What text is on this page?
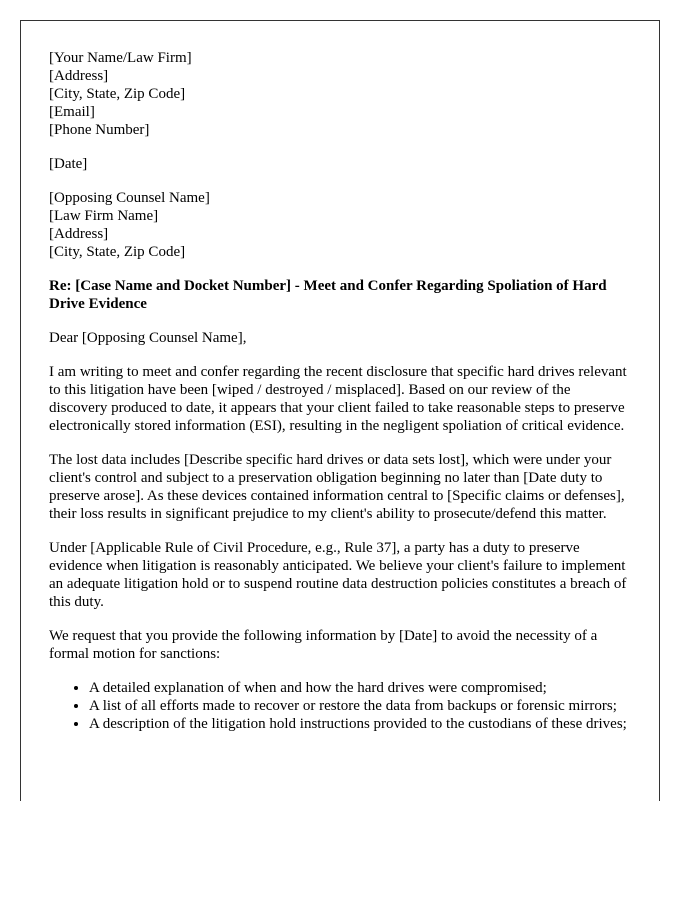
[Your Name/Law Firm]
[Address]
[City, State, Zip Code]
[Email]
[Phone Number]

[Date]

[Opposing Counsel Name]
[Law Firm Name]
[Address]
[City, State, Zip Code]

Re: [Case Name and Docket Number] - Meet and Confer Regarding Spoliation of Hard Drive Evidence

Dear [Opposing Counsel Name],

I am writing to meet and confer regarding the recent disclosure that specific hard drives relevant to this litigation have been [wiped / destroyed / misplaced]. Based on our review of the discovery produced to date, it appears that your client failed to take reasonable steps to preserve electronically stored information (ESI), resulting in the negligent spoliation of critical evidence.

The lost data includes [Describe specific hard drives or data sets lost], which were under your client's control and subject to a preservation obligation beginning no later than [Date duty to preserve arose]. As these devices contained information central to [Specific claims or defenses], their loss results in significant prejudice to my client's ability to prosecute/defend this matter.

Under [Applicable Rule of Civil Procedure, e.g., Rule 37], a party has a duty to preserve evidence when litigation is reasonably anticipated. We believe your client's failure to implement an adequate litigation hold or to suspend routine data destruction policies constitutes a breach of this duty.

We request that you provide the following information by [Date] to avoid the necessity of a formal motion for sanctions:

• A detailed explanation of when and how the hard drives were compromised;
• A list of all efforts made to recover or restore the data from backups or forensic mirrors;
• A description of the litigation hold instructions provided to the custodians of these drives;
